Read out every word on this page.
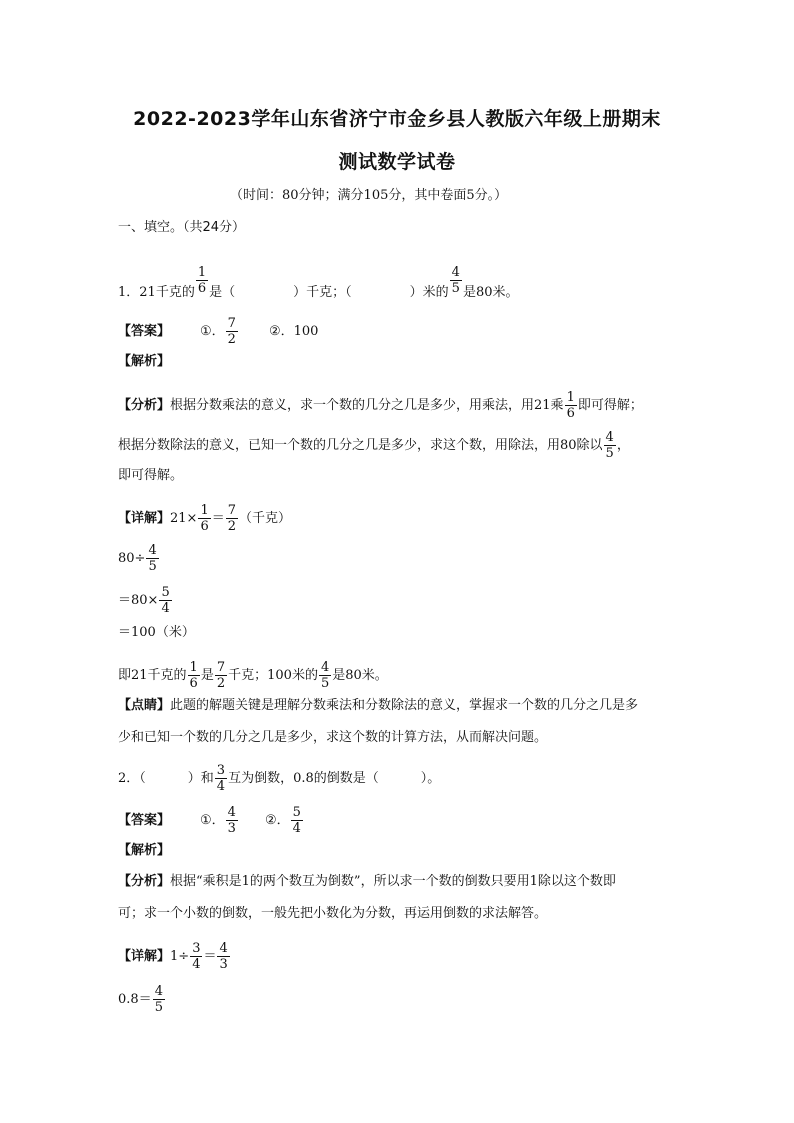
2022-2023学年山东省济宁市金乡县人教版六年级上册期末
测试数学试卷
（时间：80分钟；满分105分，其中卷面5分。）
一、填空。（共24分）
1．21千克的 $\frac{1}{6}$ 是（	）千克；（	）米的 $\frac{4}{5}$ 是80米。
【答案】 ①． $\frac{7}{2}$ ②．100
【解析】
【分析】根据分数乘法的意义，求一个数的几分之几是多少，用乘法，用21乘 $\frac{1}{6}$ 即可得解；
根据分数除法的意义，已知一个数的几分之几是多少，求这个数，用除法，用80除以 $\frac{4}{5}$ ，
即可得解。
【详解】$21\times \frac{1}{6} = \frac{7}{2}$ （千克）
$80\div \frac{4}{5}$
$=80\times \frac{5}{4}$
＝100（米）
即21千克的 $\frac{1}{6}$ 是 $\frac{7}{2}$ 千克；100米的 $\frac{4}{5}$ 是80米。
【点睛】此题的解题关键是理解分数乘法和分数除法的意义，掌握求一个数的几分之几是多
少和已知一个数的几分之几是多少，求这个数的计算方法，从而解决问题。
2．（	）和 $\frac{3}{4}$ 互为倒数，0.8的倒数是（	）。
【答案】 ①． $\frac{4}{3}$ ②． $\frac{5}{4}$
【解析】
【分析】根据“乘积是1的两个数互为倒数”，所以求一个数的倒数只要用1除以这个数即
可；求一个小数的倒数，一般先把小数化为分数，再运用倒数的求法解答。
【详解】$1\div \frac{3}{4} = \frac{4}{3}$
$0.8= \frac{4}{5}$
